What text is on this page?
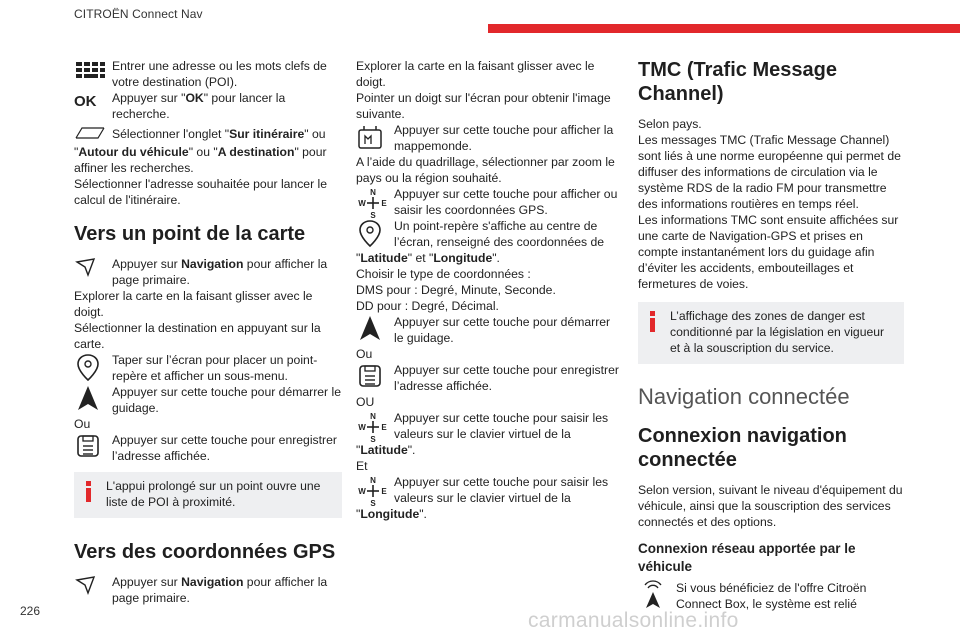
CITROËN Connect Nav
Entrer une adresse ou les mots clefs de votre destination (POI).
OK	Appuyer sur "OK" pour lancer la recherche.
Sélectionner l'onglet "Sur itinéraire" ou "Autour du véhicule" ou "A destination" pour affiner les recherches.

Sélectionner l'adresse souhaitée pour lancer le calcul de l'itinéraire.

Vers un point de la carte
Appuyer sur Navigation pour afficher la page primaire.

Explorer la carte en la faisant glisser avec le doigt.

Sélectionner la destination en appuyant sur la carte.

Taper sur l’écran pour placer un point-repère et afficher un sous-menu.
Appuyer sur cette touche pour démarrer le guidage.

Ou

Appuyer sur cette touche pour enregistrer l’adresse affichée.
L'appui prolongé sur un point ouvre une liste de POI à proximité.
Vers des coordonnées GPS
Appuyer sur Navigation pour afficher la page primaire.

Explorer la carte en la faisant glisser avec le doigt.

Pointer un doigt sur l'écran pour obtenir l'image suivante.

Appuyer sur cette touche pour afficher la mappemonde.

A l’aide du quadrillage, sélectionner par zoom le pays ou la région souhaité.

N
S
W E
Appuyer sur cette touche pour afficher ou saisir les coordonnées GPS.
Un point-repère s'affiche au centre de l’écran, renseigné des coordonnées de "Latitude" et "Longitude".

Choisir le type de coordonnées :

DMS pour : Degré, Minute, Seconde.

DD pour : Degré, Décimal.

Appuyer sur cette touche pour démarrer le guidage.

Ou

Appuyer sur cette touche pour enregistrer l’adresse affichée.

OU

N
S
W E
Appuyer sur cette touche pour saisir les valeurs sur le clavier virtuel de la "Latitude".

Et

N
S
W E
Appuyer sur cette touche pour saisir les valeurs sur le clavier virtuel de la "Longitude".
TMC (Trafic Message Channel)

Selon pays.

Les messages TMC (Trafic Message Channel) sont liés à une norme européenne qui permet de diffuser des informations de circulation via le système RDS de la radio FM pour transmettre des informations routières en temps réel.

Les informations TMC sont ensuite affichées sur une carte de Navigation-GPS et prises en compte instantanément lors du guidage afin d’éviter les accidents, embouteillages et fermetures de voies.

L’affichage des zones de danger est conditionné par la législation en vigueur et à la souscription du service.
Navigation connectée
Connexion navigation connectée

Selon version, suivant le niveau d'équipement du véhicule, ainsi que la souscription des services connectés et des options.

Connexion réseau apportée par le véhicule
Si vous bénéficiez de l'offre Citroën Connect Box, le système est relié
226	carmanualsonline.info
